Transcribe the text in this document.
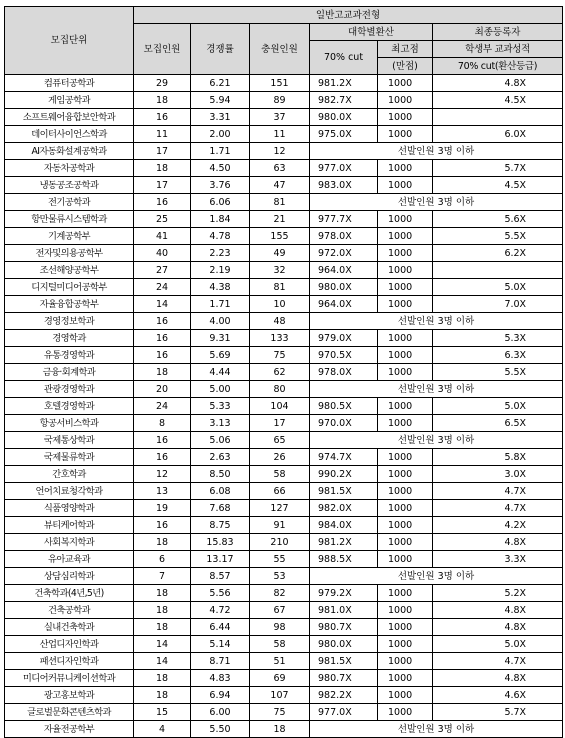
모집단위	일반고교과전형					
	모집인원	경쟁률	충원인원	대학별환산		최종등록자
				70% cut	최고점	학생부 교과성적
					(만점)	70% cut(환산등급)
컴퓨터공학과	29	6.21	151	981.2X	1000	4.8X
게임공학과	18	5.94	89	982.7X	1000	4.5X
소프트웨어융합보안학과	16	3.31	37	980.0X	1000	
데이터사이언스학과	11	2.00	11	975.0X	1000	6.0X
AI자동화설계공학과	17	1.71	12	선발인원 3명 이하		
자동차공학과	18	4.50	63	977.0X	1000	5.7X
냉동공조공학과	17	3.76	47	983.0X	1000	4.5X
전기공학과	16	6.06	81	선발인원 3명 이하		
항만물류시스템학과	25	1.84	21	977.7X	1000	5.6X
기계공학부	41	4.78	155	978.0X	1000	5.5X
전자및의용공학부	40	2.23	49	972.0X	1000	6.2X
조선해양공학부	27	2.19	32	964.0X	1000	
디지털미디어공학부	24	4.38	81	980.0X	1000	5.0X
자율융합공학부	14	1.71	10	964.0X	1000	7.0X
경영정보학과	16	4.00	48	선발인원 3명 이하		
경영학과	16	9.31	133	979.0X	1000	5.3X
유통경영학과	16	5.69	75	970.5X	1000	6.3X
금융·회계학과	18	4.44	62	978.0X	1000	5.5X
관광경영학과	20	5.00	80	선발인원 3명 이하		
호텔경영학과	24	5.33	104	980.5X	1000	5.0X
항공서비스학과	8	3.13	17	970.0X	1000	6.5X
국제통상학과	16	5.06	65	선발인원 3명 이하		
국제물류학과	16	2.63	26	974.7X	1000	5.8X
간호학과	12	8.50	58	990.2X	1000	3.0X
언어치료청각학과	13	6.08	66	981.5X	1000	4.7X
식품영양학과	19	7.68	127	982.0X	1000	4.7X
뷰티케어학과	16	8.75	91	984.0X	1000	4.2X
사회복지학과	18	15.83	210	981.2X	1000	4.8X
유아교육과	6	13.17	55	988.5X	1000	3.3X
상담심리학과	7	8.57	53	선발인원 3명 이하		
건축학과(4년,5년)	18	5.56	82	979.2X	1000	5.2X
건축공학과	18	4.72	67	981.0X	1000	4.8X
실내건축학과	18	6.44	98	980.7X	1000	4.8X
산업디자인학과	14	5.14	58	980.0X	1000	5.0X
패션디자인학과	14	8.71	51	981.5X	1000	4.7X
미디어커뮤니케이션학과	18	4.83	69	980.7X	1000	4.8X
광고홍보학과	18	6.94	107	982.2X	1000	4.6X
글로벌문화콘텐츠학과	15	6.00	75	977.0X	1000	5.7X
자율전공학부	4	5.50	18	선발인원 3명 이하		
